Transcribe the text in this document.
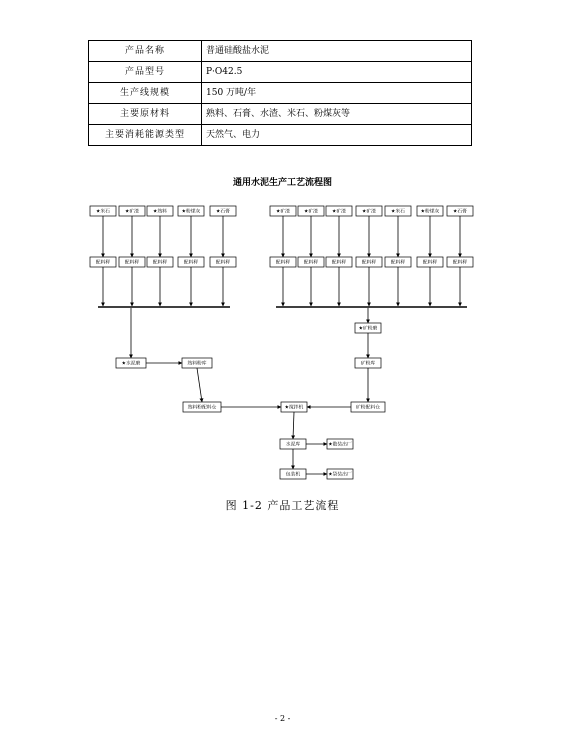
产品名称	普通硅酸盐水泥
产品型号	P·O42.5
生产线规模	150 万吨/年
主要原材料	熟料、石膏、水渣、米石、粉煤灰等
主要消耗能源类型	天然气、电力
通用水泥生产工艺流程图
★米石
配料秤
★矿渣
配料秤
★熟料
配料秤
★粉煤灰
配料秤
★石膏
配料秤
★矿渣
配料秤
★矿渣
配料秤
★矿渣
配料秤
★矿渣
配料秤
★米石
配料秤
★粉煤灰
配料秤
★石膏
配料秤
★水泥磨	熟料粉库
★矿粉磨
矿粉库
熟料粉配料仓	★搅拌机	矿粉配料仓
水泥库	★散装出厂
包装机	★袋装出厂
图 1-2 产品工艺流程
- 2 -
